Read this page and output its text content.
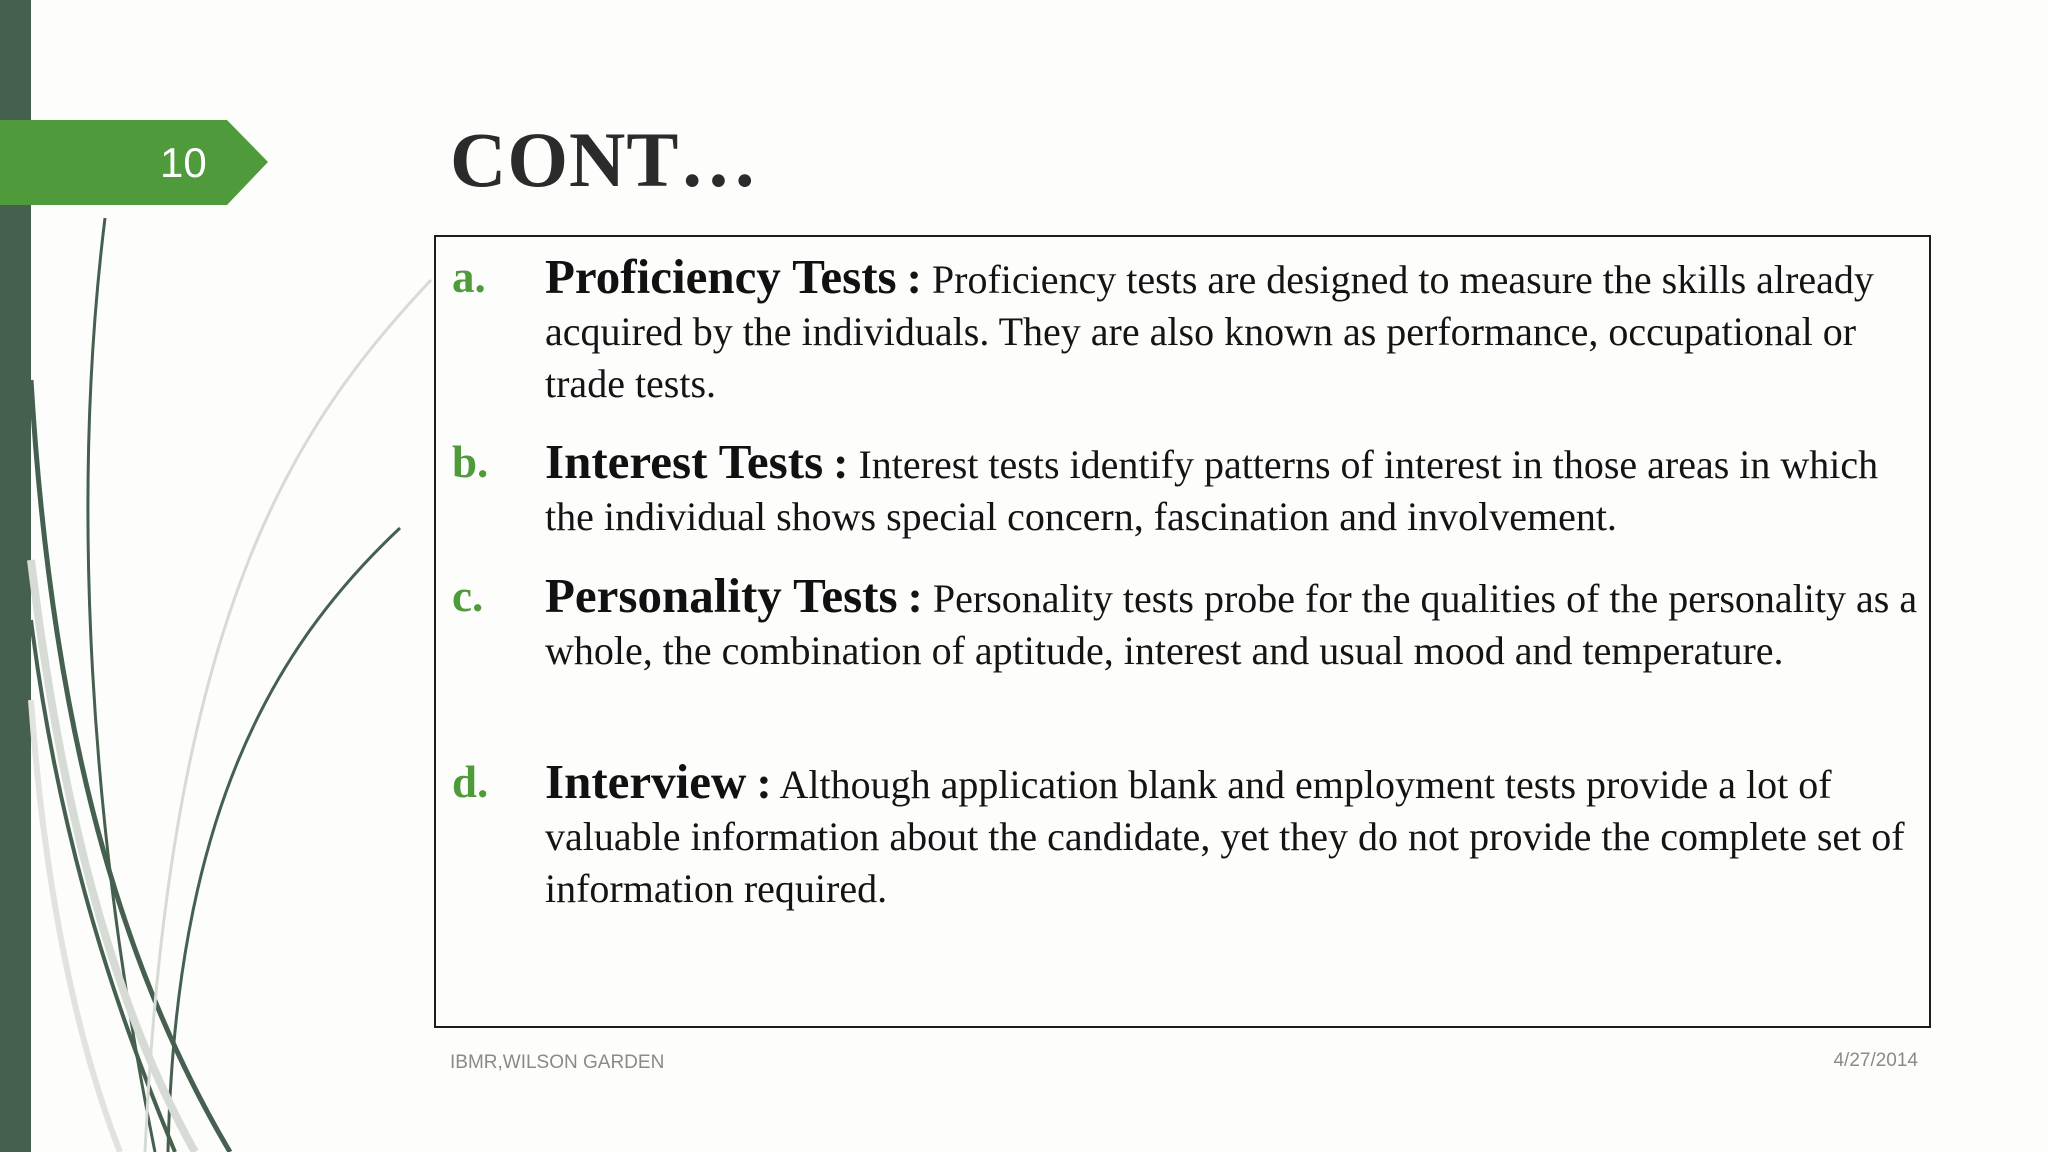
10	CONT…
a. Proficiency Tests : Proficiency tests are designed to measure the skills already acquired by the individuals. They are also known as performance, occupational or trade tests.
b. Interest Tests : Interest tests identify patterns of interest in those areas in which the individual shows special concern, fascination and involvement.
c. Personality Tests : Personality tests probe for the qualities of the personality as a whole, the combination of aptitude, interest and usual mood and temperature.
d. Interview : Although application blank and employment tests provide a lot of valuable information about the candidate, yet they do not provide the complete set of information required.
IBMR,WILSON GARDEN	4/27/2014
